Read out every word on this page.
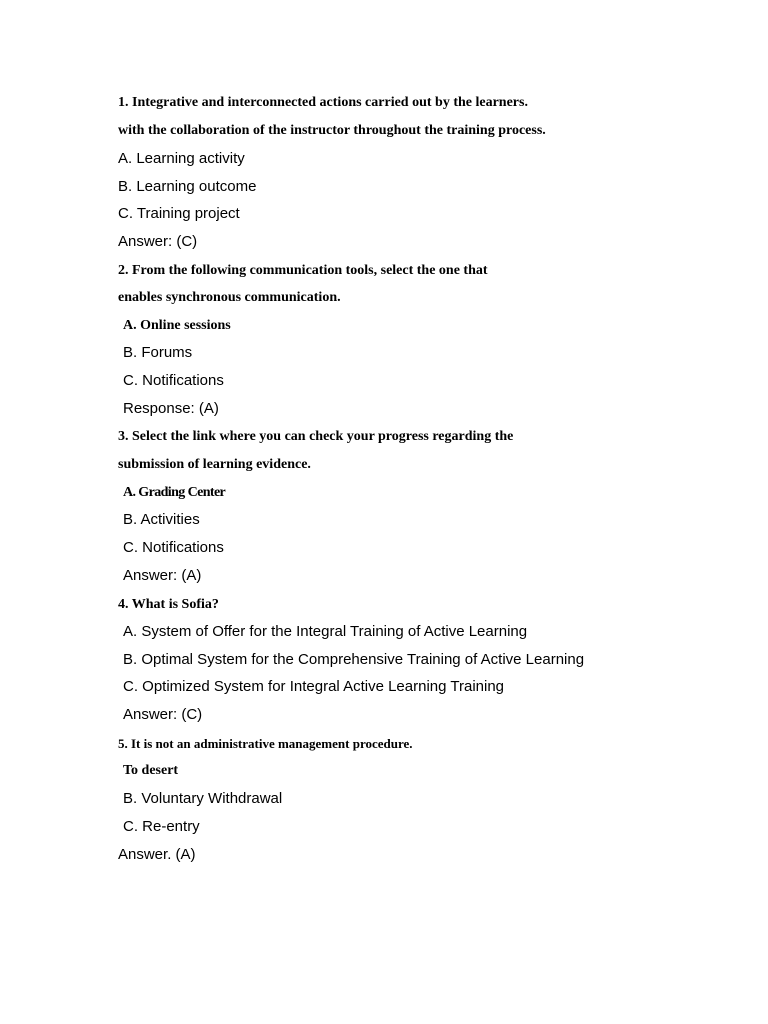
1. Integrative and interconnected actions carried out by the learners.
with the collaboration of the instructor throughout the training process.
A. Learning activity
B. Learning outcome
C. Training project
Answer: (C)
2. From the following communication tools, select the one that
enables synchronous communication.
A. Online sessions
B. Forums
C. Notifications
Response: (A)
3. Select the link where you can check your progress regarding the
submission of learning evidence.
A. Grading Center
B. Activities
C. Notifications
Answer: (A)
4. What is Sofia?
A. System of Offer for the Integral Training of Active Learning
B. Optimal System for the Comprehensive Training of Active Learning
C. Optimized System for Integral Active Learning Training
Answer: (C)
5. It is not an administrative management procedure.
To desert
B. Voluntary Withdrawal
C. Re-entry
Answer. (A)
